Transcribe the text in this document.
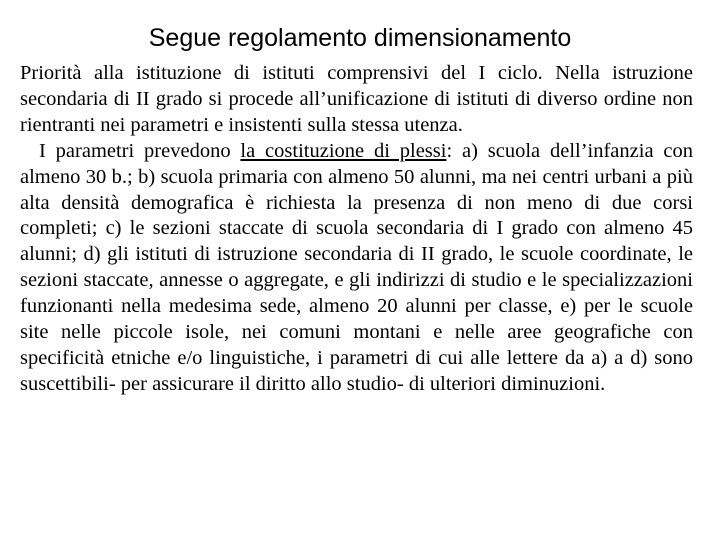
Segue regolamento dimensionamento

Priorità alla istituzione di istituti comprensivi del I ciclo. Nella istruzione secondaria di II grado si procede all’unificazione di istituti di diverso ordine non rientranti nei parametri e insistenti sulla stessa utenza.

I parametri prevedono la costituzione di plessi: a) scuola dell’infanzia con almeno 30 b.; b) scuola primaria con almeno 50 alunni, ma nei centri urbani a più alta densità demografica è richiesta la presenza di non meno di due corsi completi; c) le sezioni staccate di scuola secondaria di I grado con almeno 45 alunni; d) gli istituti di istruzione secondaria di II grado, le scuole coordinate, le sezioni staccate, annesse o aggregate, e gli indirizzi di studio e le specializzazioni funzionanti nella medesima sede, almeno 20 alunni per classe, e) per le scuole site nelle piccole isole, nei comuni montani e nelle aree geografiche con specificità etniche e/o linguistiche, i parametri di cui alle lettere da a) a d) sono suscettibili- per assicurare il diritto allo studio- di ulteriori diminuzioni.
